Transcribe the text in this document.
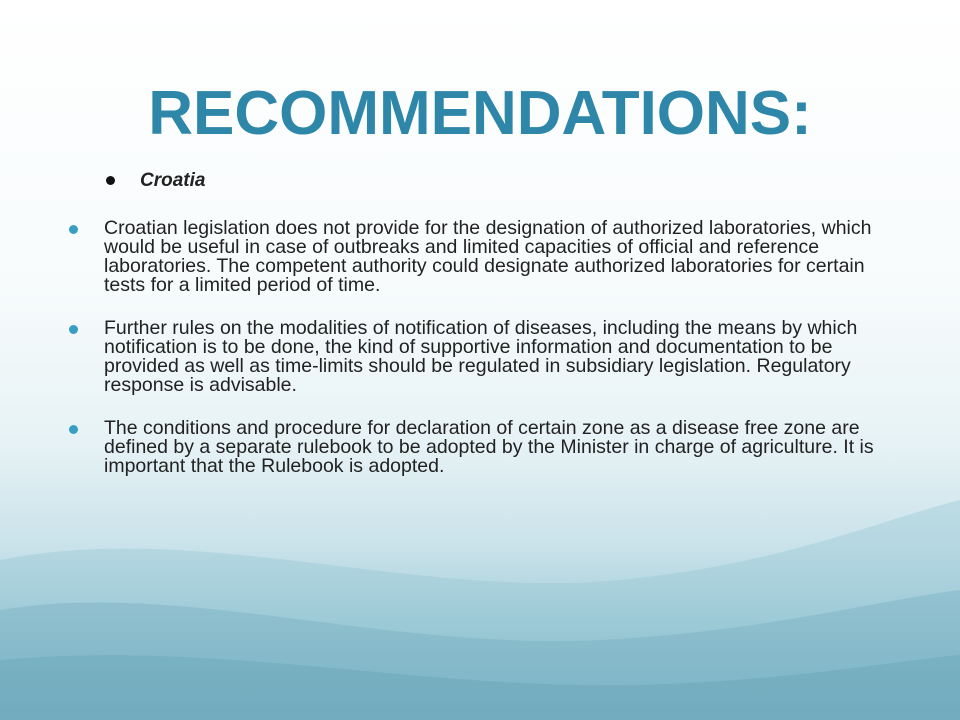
RECOMMENDATIONS:
Croatia
Croatian legislation does not provide for the designation of authorized laboratories, which would be useful in case of outbreaks and limited capacities of official and reference laboratories. The competent authority could designate authorized laboratories for certain tests for a limited period of time.
Further rules on the modalities of notification of diseases, including the means by which notification is to be done, the kind of supportive information and documentation to be provided as well as time-limits should be regulated in subsidiary legislation. Regulatory response is advisable.
The conditions and procedure for declaration of certain zone as a disease free zone are defined by a separate rulebook to be adopted by the Minister in charge of agriculture. It is important that the Rulebook is adopted.
